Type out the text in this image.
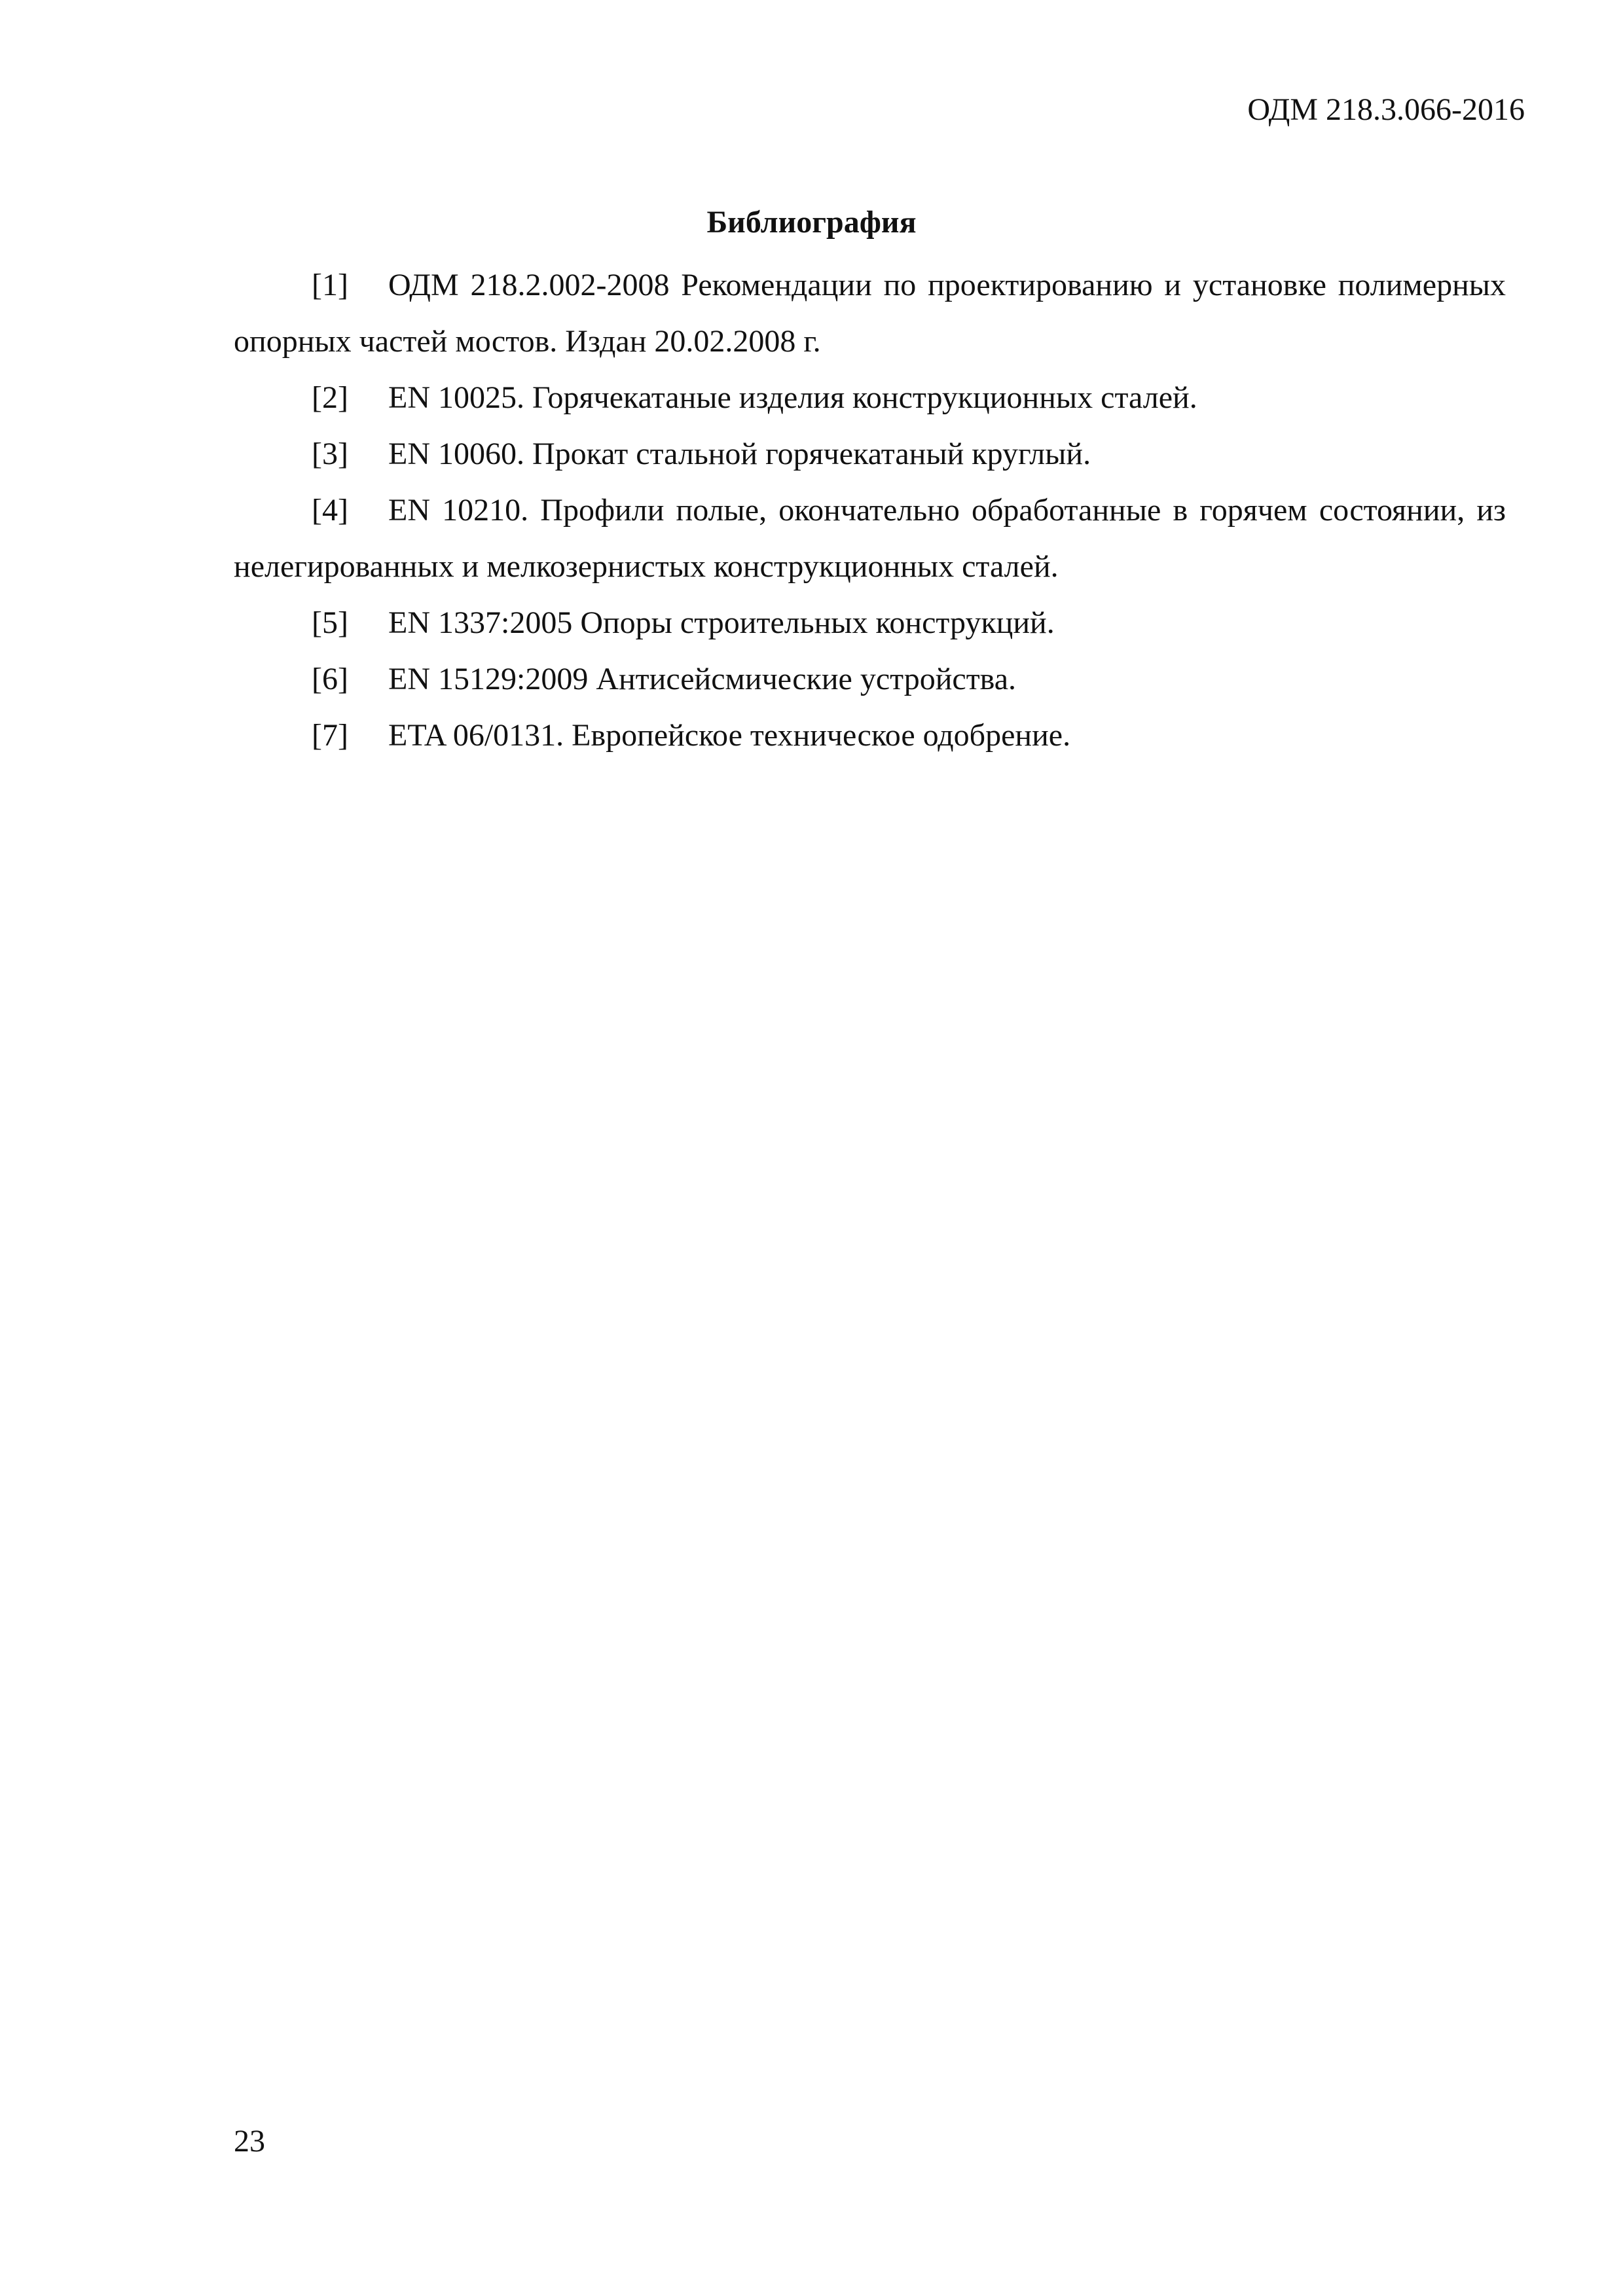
ОДМ 218.3.066-2016
Библиография
[1] ОДМ 218.2.002-2008 Рекомендации по проектированию и установке полимерных опорных частей мостов. Издан 20.02.2008 г.
[2] EN 10025. Горячекатаные изделия конструкционных сталей.
[3] EN 10060. Прокат стальной горячекатаный круглый.
[4] EN 10210. Профили полые, окончательно обработанные в горячем состоянии, из нелегированных и мелкозернистых конструкционных сталей.
[5] EN 1337:2005 Опоры строительных конструкций.
[6] EN 15129:2009 Антисейсмические устройства.
[7] ETA 06/0131. Европейское техническое одобрение.
23
